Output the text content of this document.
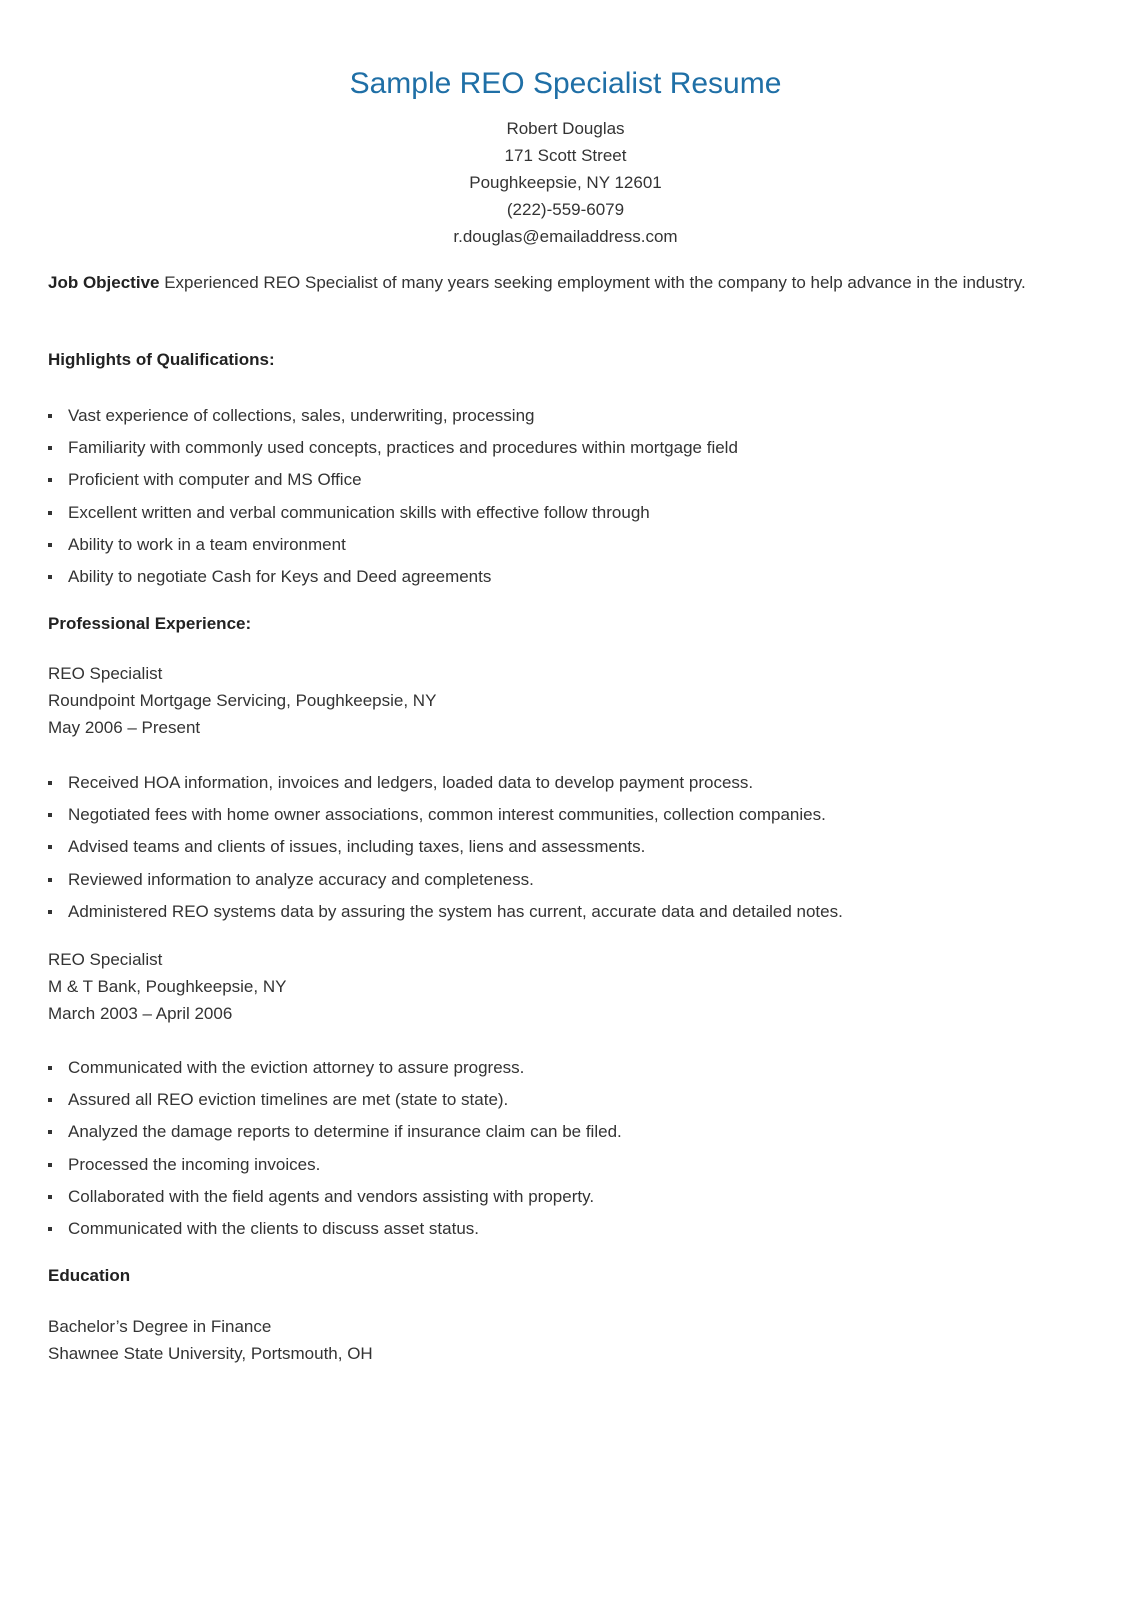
Sample REO Specialist Resume
Robert Douglas
171 Scott Street
Poughkeepsie, NY 12601
(222)-559-6079
r.douglas@emailaddress.com
Job Objective Experienced REO Specialist of many years seeking employment with the company to help advance in the industry.
Highlights of Qualifications:
Vast experience of collections, sales, underwriting, processing
Familiarity with commonly used concepts, practices and procedures within mortgage field
Proficient with computer and MS Office
Excellent written and verbal communication skills with effective follow through
Ability to work in a team environment
Ability to negotiate Cash for Keys and Deed agreements
Professional Experience:
REO Specialist
Roundpoint Mortgage Servicing, Poughkeepsie, NY
May 2006 – Present
Received HOA information, invoices and ledgers, loaded data to develop payment process.
Negotiated fees with home owner associations, common interest communities, collection companies.
Advised teams and clients of issues, including taxes, liens and assessments.
Reviewed information to analyze accuracy and completeness.
Administered REO systems data by assuring the system has current, accurate data and detailed notes.
REO Specialist
M & T Bank, Poughkeepsie, NY
March 2003 – April 2006
Communicated with the eviction attorney to assure progress.
Assured all REO eviction timelines are met (state to state).
Analyzed the damage reports to determine if insurance claim can be filed.
Processed the incoming invoices.
Collaborated with the field agents and vendors assisting with property.
Communicated with the clients to discuss asset status.
Education
Bachelor’s Degree in Finance
Shawnee State University, Portsmouth, OH
